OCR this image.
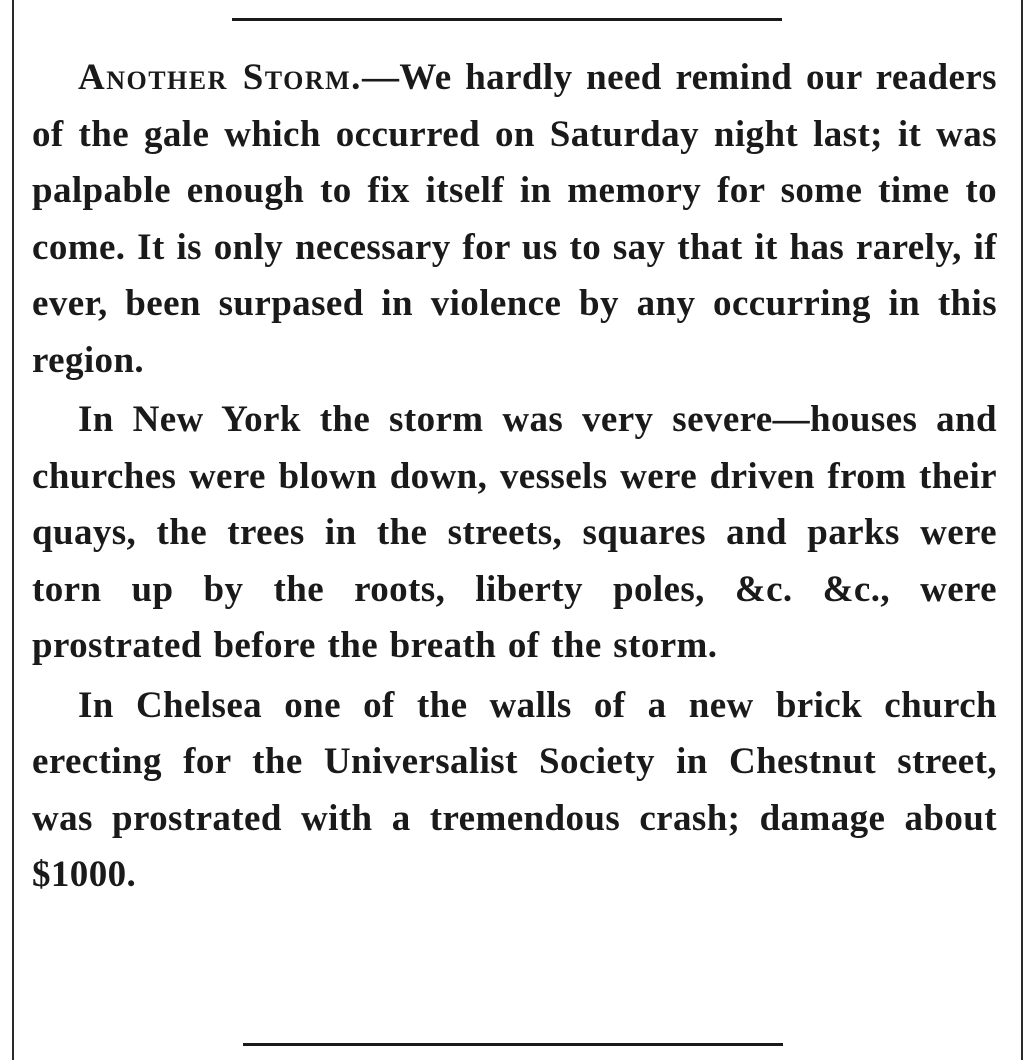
Another Storm.—We hardly need remind our readers of the gale which occurred on Saturday night last; it was palpable enough to fix itself in memory for some time to come. It is only necessary for us to say that it has rarely, if ever, been surpased in violence by any occurring in this region.

In New York the storm was very severe—houses and churches were blown down, vessels were driven from their quays, the trees in the streets, squares and parks were torn up by the roots, liberty poles, &c. &c., were prostrated before the breath of the storm.

In Chelsea one of the walls of a new brick church erecting for the Universalist Society in Chestnut street, was prostrated with a tremendous crash; damage about $1000.
